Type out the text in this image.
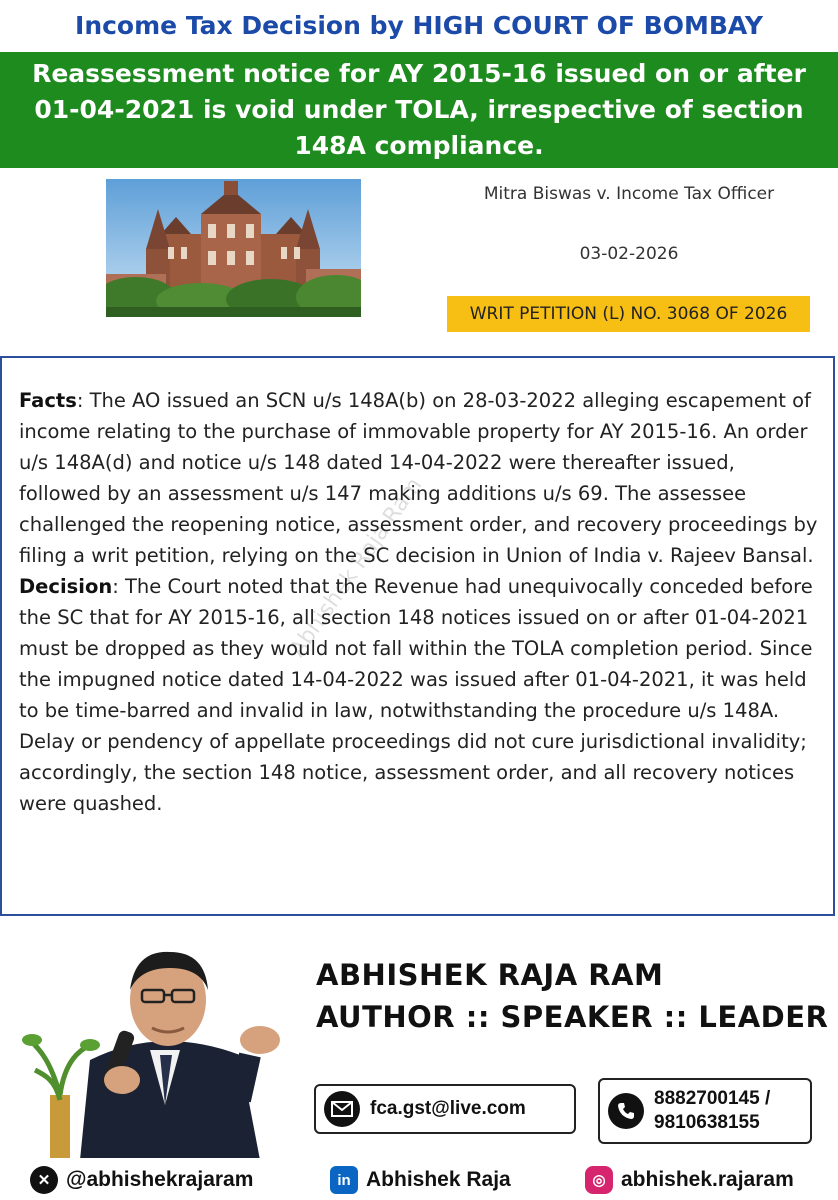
Income Tax Decision by HIGH COURT OF BOMBAY
Reassessment notice for AY 2015-16 issued on or after 01-04-2021 is void under TOLA, irrespective of section 148A compliance.
Mitra Biswas v. Income Tax Officer
03-02-2026
WRIT PETITION (L) NO. 3068 OF 2026
Abhishek Raja Ram

Facts: The AO issued an SCN u/s 148A(b) on 28-03-2022 alleging escapement of income relating to the purchase of immovable property for AY 2015-16. An order u/s 148A(d) and notice u/s 148 dated 14-04-2022 were thereafter issued, followed by an assessment u/s 147 making additions u/s 69. The assessee challenged the reopening notice, assessment order, and recovery proceedings by filing a writ petition, relying on the SC decision in Union of India v. Rajeev Bansal.

Decision: The Court noted that the Revenue had unequivocally conceded before the SC that for AY 2015-16, all section 148 notices issued on or after 01-04-2021 must be dropped as they would not fall within the TOLA completion period. Since the impugned notice dated 14-04-2022 was issued after 01-04-2021, it was held to be time-barred and invalid in law, notwithstanding the procedure u/s 148A. Delay or pendency of appellate proceedings did not cure jurisdictional invalidity; accordingly, the section 148 notice, assessment order, and all recovery notices were quashed.

ABHISHEK RAJA RAM
AUTHOR :: SPEAKER :: LEADER
fca.gst@live.com	8882700145 /
9810638155
✕ @abhishekrajaram	in Abhishek Raja	◎ abhishek.rajaram
